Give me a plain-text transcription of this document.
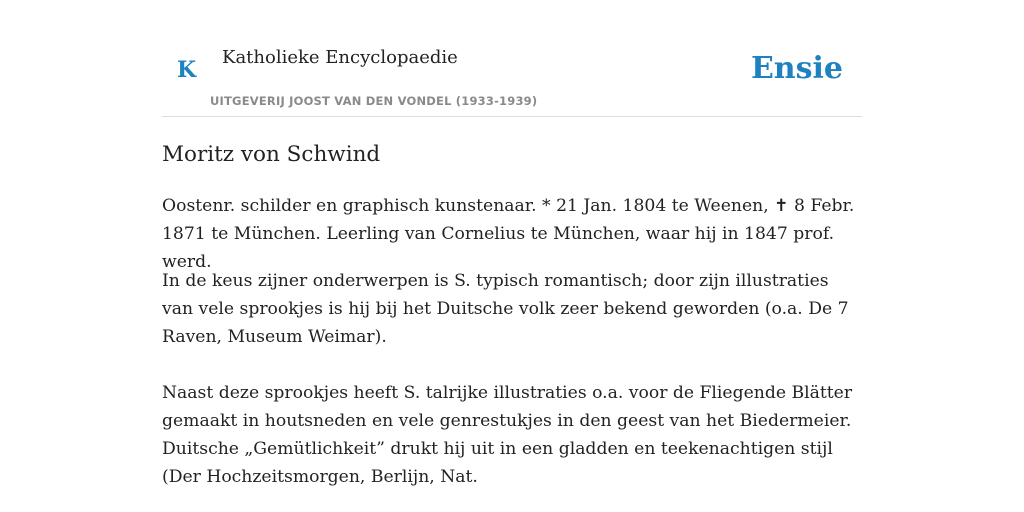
K Katholieke Encyclopaedie
UITGEVERIJ JOOST VAN DEN VONDEL (1933-1939)
Ensie
Moritz von Schwind

Oostenr. schilder en graphisch kunstenaar. * 21 Jan. 1804 te Weenen, ✝ 8 Febr. 1871 te München. Leerling van Cornelius te München, waar hij in 1847 prof. werd.

In de keus zijner onderwerpen is S. typisch romantisch; door zijn illustraties van vele sprookjes is hij bij het Duitsche volk zeer bekend geworden (o.a. De 7 Raven, Museum Weimar).

Naast deze sprookjes heeft S. talrijke illustraties o.a. voor de Fliegende Blätter gemaakt in houtsneden en vele genrestukjes in den geest van het Biedermeier. Duitsche „Gemütlichkeit” drukt hij uit in een gladden en teekenachtigen stijl (Der Hochzeitsmorgen, Berlijn, Nat.
